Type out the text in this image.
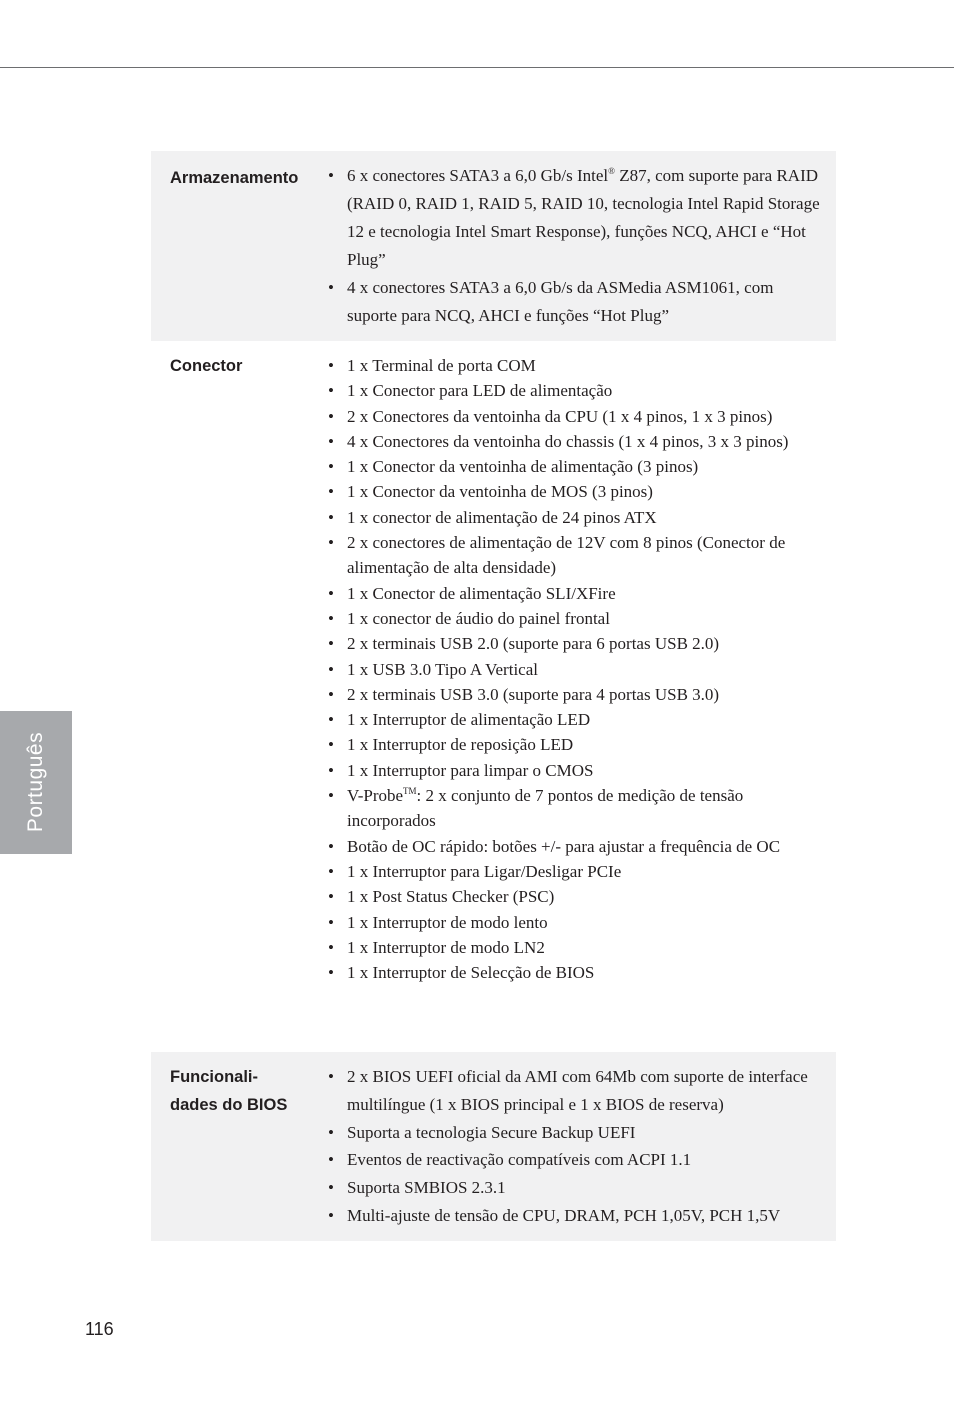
Português
Armazenamento	• 6 x conectores SATA3 a 6,0 Gb/s Intel® Z87, com suporte para RAID (RAID 0, RAID 1, RAID 5, RAID 10, tecnologia Intel Rapid Storage 12 e tecnologia Intel Smart Response), funções NCQ, AHCI e “Hot Plug”
• 4 x conectores SATA3 a 6,0 Gb/s da ASMedia ASM1061, com suporte para NCQ, AHCI e funções “Hot Plug”
Conector	• 1 x Terminal de porta COM
• 1 x Conector para LED de alimentação
• 2 x Conectores da ventoinha da CPU (1 x 4 pinos, 1 x 3 pinos)
• 4 x Conectores da ventoinha do chassis (1 x 4 pinos, 3 x 3 pinos)
• 1 x Conector da ventoinha de alimentação (3 pinos)
• 1 x Conector da ventoinha de MOS (3 pinos)
• 1 x conector de alimentação de 24 pinos ATX
• 2 x conectores de alimentação de 12V com 8 pinos (Conector de alimentação de alta densidade)
• 1 x Conector de alimentação SLI/XFire
• 1 x conector de áudio do painel frontal
• 2 x terminais USB 2.0 (suporte para 6 portas USB 2.0)
• 1 x USB 3.0 Tipo A Vertical
• 2 x terminais USB 3.0 (suporte para 4 portas USB 3.0)
• 1 x Interruptor de alimentação LED
• 1 x Interruptor de reposição LED
• 1 x Interruptor para limpar o CMOS
• V-Probe™: 2 x conjunto de 7 pontos de medição de tensão incorporados
• Botão de OC rápido: botões +/- para ajustar a frequência de OC
• 1 x Interruptor para Ligar/Desligar PCIe
• 1 x Post Status Checker (PSC)
• 1 x Interruptor de modo lento
• 1 x Interruptor de modo LN2
• 1 x Interruptor de Selecção de BIOS
Funcionali-
dades do BIOS
• 2 x BIOS UEFI oficial da AMI com 64Mb com suporte de interface multilíngue (1 x BIOS principal e 1 x BIOS de reserva)
• Suporta a tecnologia Secure Backup UEFI
• Eventos de reactivação compatíveis com ACPI 1.1
• Suporta SMBIOS 2.3.1
• Multi-ajuste de tensão de CPU, DRAM, PCH 1,05V, PCH 1,5V
116
